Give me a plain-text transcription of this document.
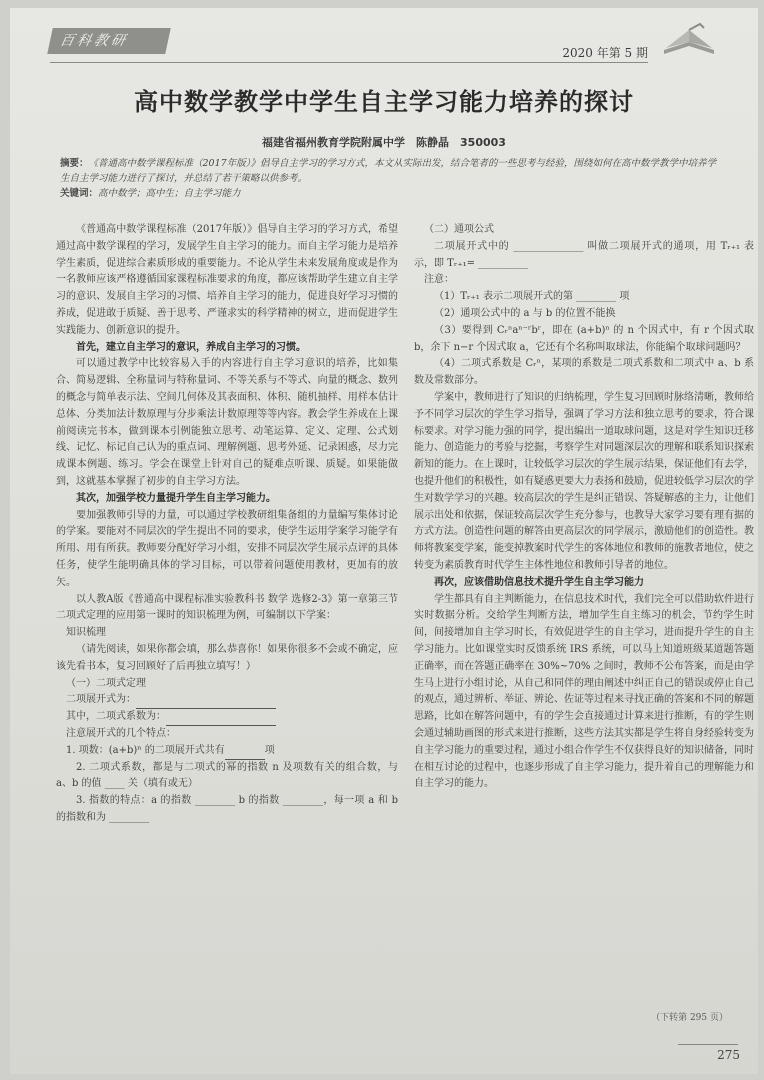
百科教研
2020 年第 5 期
高中数学教学中学生自主学习能力培养的探讨
福建省福州教育学院附属中学　陈静晶　350003
摘要：《普通高中数学课程标准（2017年版）》倡导自主学习的学习方式，本文从实际出发，结合笔者的一些思考与经验，围绕如何在高中数学教学中培养学生自主学习能力进行了探讨，并总结了若干策略以供参考。
关键词：高中数学；高中生；自主学习能力

《普通高中数学课程标准（2017年版）》倡导自主学习的学习方式，希望通过高中数学课程的学习，发展学生自主学习的能力。而自主学习能力是培养学生素质，促进综合素质形成的重要能力。不论从学生未来发展角度或是作为一名教师应该严格遵循国家课程标准要求的角度，都应该帮助学生建立自主学习的意识、发展自主学习的习惯、培养自主学习的能力，促进良好学习习惯的养成，促进敢于质疑、善于思考、严谨求实的科学精神的树立，进而促进学生实践能力、创新意识的提升。

首先，建立自主学习的意识，养成自主学习的习惯。

可以通过教学中比较容易入手的内容进行自主学习意识的培养，比如集合、简易逻辑、全称量词与特称量词、不等关系与不等式、向量的概念、数列的概念与简单表示法、空间几何体及其表面积、体积、随机抽样、用样本估计总体、分类加法计数原理与分步乘法计数原理等等内容。教会学生养成在上课前阅读完书本，做到课本引例能独立思考、动笔运算、定义、定理、公式划线、记忆、标记自己认为的重点词、理解例题、思考外延、记录困惑，尽力完成课本例题、练习。学会在课堂上针对自己的疑难点听课、质疑。如果能做到，这就基本掌握了初步的自主学习方法。

其次，加强学校力量提升学生自主学习能力。

要加强教师引导的力量，可以通过学校教研组集备组的力量编写集体讨论的学案。要能对不同层次的学生提出不同的要求，使学生运用学案学习能学有所用、用有所获。教师要分配好学习小组，安排不同层次学生展示点评的具体任务，使学生能明确具体的学习目标，可以带着问题使用教材，更加有的放矢。

以人教A版《普通高中课程标准实验教科书 数学 选修2-3》第一章第三节二项式定理的应用第一课时的知识梳理为例，可编制以下学案：

知识梳理

（请先阅读，如果你都会填，那么恭喜你！如果你很多不会或不确定，应该先看书本，复习回顾好了后再独立填写！）

（一）二项式定理

二项展开式为：

其中，二项式系数为：

注意展开式的几个特点：

1. 项数：(a+b)ⁿ 的二项展开式共有	项

2. 二项式系数，都是与二项式的幂的指数 n 及项数有关的组合数，与 a、b 的值 ____ 关（填有或无）

3. 指数的特点：a 的指数 ________ b 的指数 ________，每一项 a 和 b 的指数和为 ________

（二）通项公式

二项展开式中的 ______________ 叫做二项展开式的通项，用 Tᵣ₊₁ 表示，即 Tᵣ₊₁= __________

注意：

（1）Tᵣ₊₁ 表示二项展开式的第 ________ 项

（2）通项公式中的 a 与 b 的位置不能换

（3）要得到 Cᵣⁿaⁿ⁻ʳbʳ，即在 (a+b)ⁿ 的 n 个因式中，有 r 个因式取 b，余下 n−r 个因式取 a，它还有个名称叫取球法，你能编个取球问题吗？

（4）二项式系数是 Cᵣⁿ，某项的系数是二项式系数和二项式中 a、b 系数及常数部分。

学案中，教师进行了知识的归纳梳理，学生复习回顾时脉络清晰，教师给予不同学习层次的学生学习指导，强调了学习方法和独立思考的要求，符合课标要求。对学习能力强的同学，提出编出一道取球问题，这是对学生知识迁移能力、创造能力的考验与挖掘，考察学生对同题深层次的理解和联系知识探索新知的能力。在上课时，让较低学习层次的学生展示结果，保证他们有去学，也提升他们的积极性，如有疑惑更要大力表扬和鼓励，促进较低学习层次的学生对数学学习的兴趣。较高层次的学生是纠正错误、答疑解惑的主力，让他们展示出处和依据，保证较高层次学生充分参与，也教导大家学习要有理有据的方式方法。创造性问题的解答由更高层次的同学展示，激励他们的创造性。教师将教案变学案，能变掉教案时代学生的客体地位和教师的施教者地位，使之转变为素质教育时代学生主体性地位和教师引导者的地位。

再次，应该借助信息技术提升学生自主学习能力

学生都具有自主判断能力，在信息技术时代，我们完全可以借助软件进行实时数据分析。交给学生判断方法，增加学生自主练习的机会，节约学生时间，间接增加自主学习时长，有效促进学生的自主学习，进而提升学生的自主学习能力。比如课堂实时反馈系统 IRS 系统，可以马上知道班级某道题答题正确率，而在答题正确率在 30%~70% 之间时，教师不公布答案，而是由学生马上进行小组讨论，从自己和同伴的理由阐述中纠正自己的错误或停止自己的观点，通过辨析、举证、辨论、佐证等过程来寻找正确的答案和不同的解题思路，比如在解答问题中，有的学生会直接通过计算来进行推断，有的学生则会通过辅助画图的形式来进行推断，这些方法其实都是学生将自身经验转变为自主学习能力的重要过程，通过小组合作学生不仅获得良好的知识储备，同时在相互讨论的过程中，也逐步形成了自主学习能力，提升着自己的理解能力和自主学习的能力。

（下转第 295 页）
275
